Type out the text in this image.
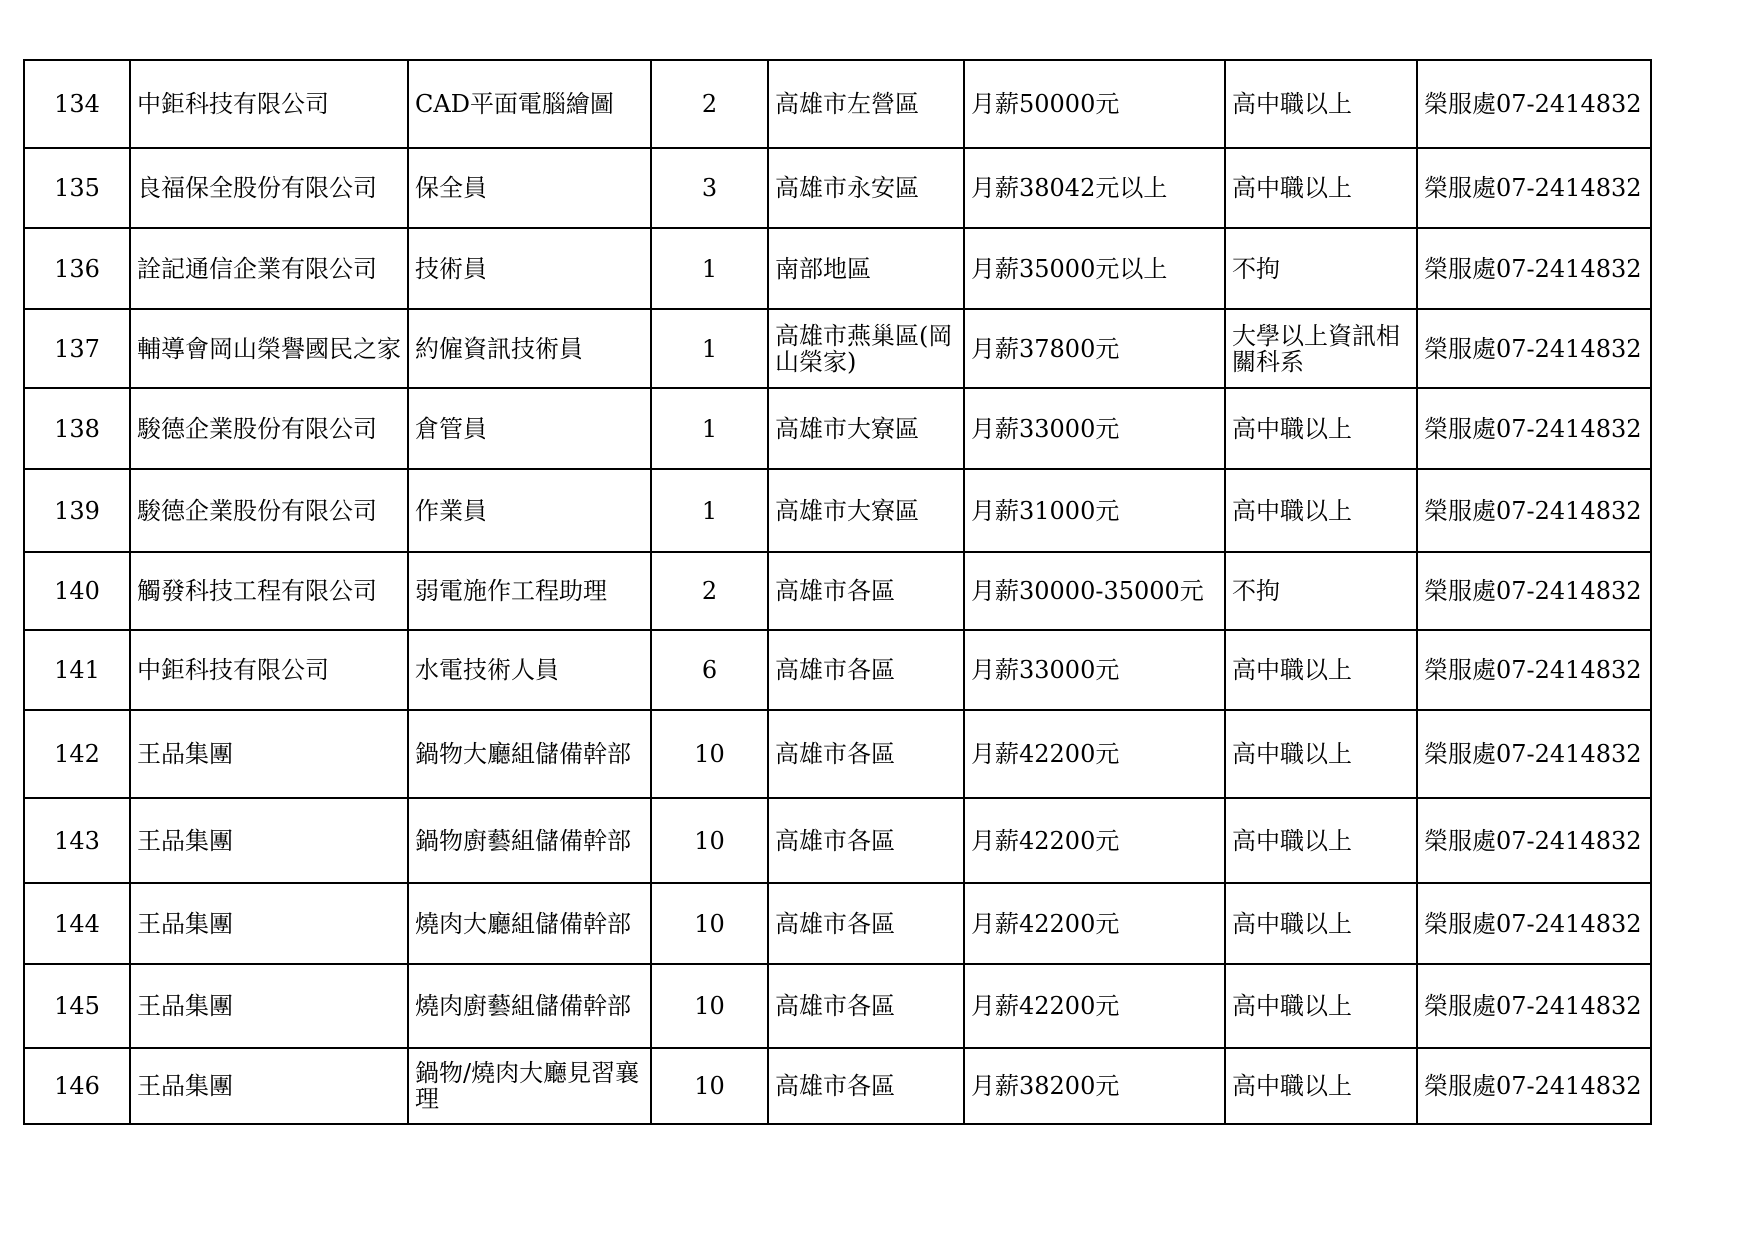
134	中鉅科技有限公司	CAD平面電腦繪圖	2	高雄市左營區	月薪50000元	高中職以上	榮服處07-2414832
135	良福保全股份有限公司	保全員	3	高雄市永安區	月薪38042元以上	高中職以上	榮服處07-2414832
136	詮記通信企業有限公司	技術員	1	南部地區	月薪35000元以上	不拘	榮服處07-2414832
137	輔導會岡山榮譽國民之家	約僱資訊技術員	1	高雄市燕巢區(岡山榮家)	月薪37800元	大學以上資訊相關科系	榮服處07-2414832
138	駿德企業股份有限公司	倉管員	1	高雄市大寮區	月薪33000元	高中職以上	榮服處07-2414832
139	駿德企業股份有限公司	作業員	1	高雄市大寮區	月薪31000元	高中職以上	榮服處07-2414832
140	觸發科技工程有限公司	弱電施作工程助理	2	高雄市各區	月薪30000-35000元	不拘	榮服處07-2414832
141	中鉅科技有限公司	水電技術人員	6	高雄市各區	月薪33000元	高中職以上	榮服處07-2414832
142	王品集團	鍋物大廳組儲備幹部	10	高雄市各區	月薪42200元	高中職以上	榮服處07-2414832
143	王品集團	鍋物廚藝組儲備幹部	10	高雄市各區	月薪42200元	高中職以上	榮服處07-2414832
144	王品集團	燒肉大廳組儲備幹部	10	高雄市各區	月薪42200元	高中職以上	榮服處07-2414832
145	王品集團	燒肉廚藝組儲備幹部	10	高雄市各區	月薪42200元	高中職以上	榮服處07-2414832
146	王品集團	鍋物/燒肉大廳見習襄理	10	高雄市各區	月薪38200元	高中職以上	榮服處07-2414832
